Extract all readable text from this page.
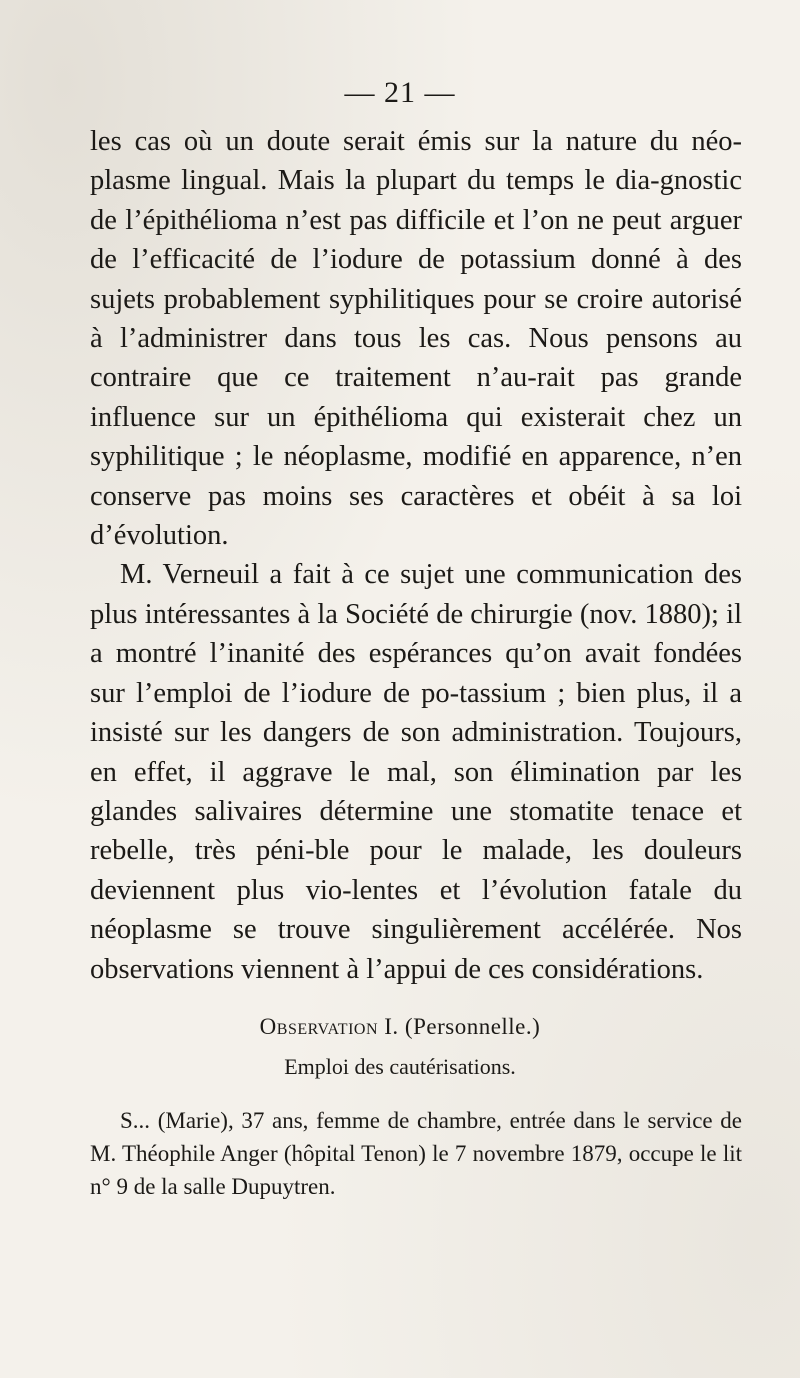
— 21 —

les cas où un doute serait émis sur la nature du néo-plasme lingual. Mais la plupart du temps le dia-gnostic de l’épithélioma n’est pas difficile et l’on ne peut arguer de l’efficacité de l’iodure de potassium donné à des sujets probablement syphilitiques pour se croire autorisé à l’administrer dans tous les cas. Nous pensons au contraire que ce traitement n’au-rait pas grande influence sur un épithélioma qui existerait chez un syphilitique ; le néoplasme, modifié en apparence, n’en conserve pas moins ses caractères et obéit à sa loi d’évolution.

M. Verneuil a fait à ce sujet une communication des plus intéressantes à la Société de chirurgie (nov. 1880); il a montré l’inanité des espérances qu’on avait fondées sur l’emploi de l’iodure de po-tassium ; bien plus, il a insisté sur les dangers de son administration. Toujours, en effet, il aggrave le mal, son élimination par les glandes salivaires détermine une stomatite tenace et rebelle, très péni-ble pour le malade, les douleurs deviennent plus vio-lentes et l’évolution fatale du néoplasme se trouve singulièrement accélérée. Nos observations viennent à l’appui de ces considérations.

Observation I. (Personnelle.)
Emploi des cautérisations.

S... (Marie), 37 ans, femme de chambre, entrée dans le service de M. Théophile Anger (hôpital Tenon) le 7 novembre 1879, occupe le lit n° 9 de la salle Dupuytren.
